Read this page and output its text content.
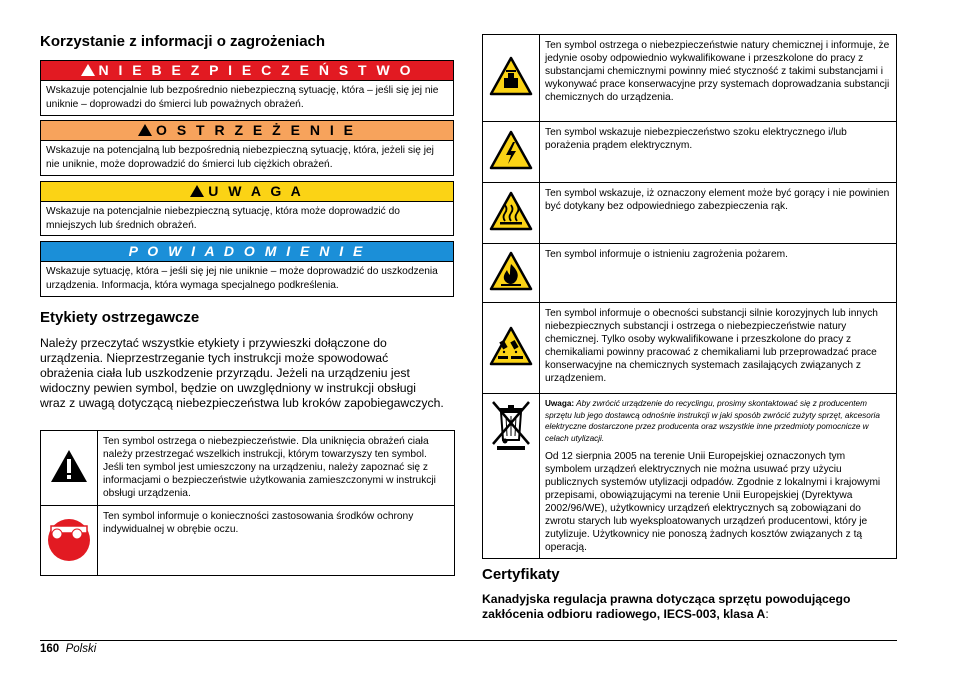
Korzystanie z informacji o zagrożeniach
N I E B E Z P I E C Z E Ń S T W O
Wskazuje potencjalnie lub bezpośrednio niebezpieczną sytuację, która – jeśli się jej nie uniknie – doprowadzi do śmierci lub poważnych obrażeń.
O S T R Z E Ż E N I E
Wskazuje na potencjalną lub bezpośrednią niebezpieczną sytuację, która, jeżeli się jej nie uniknie, może doprowadzić do śmierci lub ciężkich obrażeń.
U W A G A
Wskazuje na potencjalnie niebezpieczną sytuację, która może doprowadzić do mniejszych lub średnich obrażeń.
P O W I A D O M I E N I E
Wskazuje sytuację, która – jeśli się jej nie uniknie – może doprowadzić do uszkodzenia urządzenia. Informacja, która wymaga specjalnego podkreślenia.
Etykiety ostrzegawcze
Należy przeczytać wszystkie etykiety i przywieszki dołączone do urządzenia. Nieprzestrzeganie tych instrukcji może spowodować obrażenia ciała lub uszkodzenie przyrządu. Jeżeli na urządzeniu jest widoczny pewien symbol, będzie on uwzględniony w instrukcji obsługi wraz z uwagą dotyczącą niebezpieczeństwa lub kroków zapobiegawczych.
	Ten symbol ostrzega o niebezpieczeństwie. Dla uniknięcia obrażeń ciała należy przestrzegać wszelkich instrukcji, którym towarzyszy ten symbol. Jeśli ten symbol jest umieszczony na urządzeniu, należy zapoznać się z informacjami o bezpieczeństwie użytkowania zamieszczonymi w instrukcji obsługi urządzenia.
	Ten symbol informuje o konieczności zastosowania środków ochrony indywidualnej w obrębie oczu.
	Ten symbol ostrzega o niebezpieczeństwie natury chemicznej i informuje, że jedynie osoby odpowiednio wykwalifikowane i przeszkolone do pracy z substancjami chemicznymi powinny mieć styczność z takimi substancjami i wykonywać prace konserwacyjne przy systemach doprowadzania substancji chemicznych do urządzenia.
	Ten symbol wskazuje niebezpieczeństwo szoku elektrycznego i/lub porażenia prądem elektrycznym.
	Ten symbol wskazuje, iż oznaczony element może być gorący i nie powinien być dotykany bez odpowiedniego zabezpieczenia rąk.
	Ten symbol informuje o istnieniu zagrożenia pożarem.
	Ten symbol informuje o obecności substancji silnie korozyjnych lub innych niebezpiecznych substancji i ostrzega o niebezpieczeństwie natury chemicznej. Tylko osoby wykwalifikowane i przeszkolone do pracy z chemikaliami powinny pracować z chemikaliami lub przeprowadzać prace konserwacyjne na chemicznych systemach zasilających związanych z urządzeniem.

Uwaga: Aby zwrócić urządzenie do recyclingu, prosimy skontaktować się z producentem sprzętu lub jego dostawcą odnośnie instrukcji w jaki sposób zwrócić zużyty sprzęt, akcesoria elektryczne dostarczone przez producenta oraz wszystkie inne przedmioty pomocnicze w celach utylizacji.
Od 12 sierpnia 2005 na terenie Unii Europejskiej oznaczonych tym symbolem urządzeń elektrycznych nie można usuwać przy użyciu publicznych systemów utylizacji odpadów. Zgodnie z lokalnymi i krajowymi przepisami, obowiązującymi na terenie Unii Europejskiej (Dyrektywa 2002/96/WE), użytkownicy urządzeń elektrycznych są zobowiązani do zwrotu starych lub wyeksploatowanych urządzeń producentowi, który je zutylizuje. Użytkownicy nie ponoszą żadnych kosztów związanych z tą operacją.
Certyfikaty
Kanadyjska regulacja prawna dotycząca sprzętu powodującego zakłócenia odbioru radiowego, IECS-003, klasa A:
160 Polski
